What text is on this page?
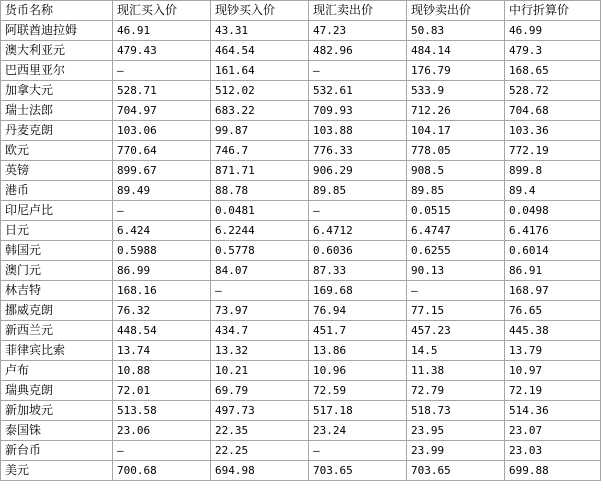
货币名称	现汇买入价	现钞买入价	现汇卖出价	现钞卖出价	中行折算价
阿联酋迪拉姆	46.91	43.31	47.23	50.83	46.99
澳大利亚元	479.43	464.54	482.96	484.14	479.3
巴西里亚尔	—	161.64	—	176.79	168.65
加拿大元	528.71	512.02	532.61	533.9	528.72
瑞士法郎	704.97	683.22	709.93	712.26	704.68
丹麦克朗	103.06	99.87	103.88	104.17	103.36
欧元	770.64	746.7	776.33	778.05	772.19
英镑	899.67	871.71	906.29	908.5	899.8
港币	89.49	88.78	89.85	89.85	89.4
印尼卢比	—	0.0481	—	0.0515	0.0498
日元	6.424	6.2244	6.4712	6.4747	6.4176
韩国元	0.5988	0.5778	0.6036	0.6255	0.6014
澳门元	86.99	84.07	87.33	90.13	86.91
林吉特	168.16	—	169.68	—	168.97
挪威克朗	76.32	73.97	76.94	77.15	76.65
新西兰元	448.54	434.7	451.7	457.23	445.38
菲律宾比索	13.74	13.32	13.86	14.5	13.79
卢布	10.88	10.21	10.96	11.38	10.97
瑞典克朗	72.01	69.79	72.59	72.79	72.19
新加坡元	513.58	497.73	517.18	518.73	514.36
泰国铢	23.06	22.35	23.24	23.95	23.07
新台币	—	22.25	—	23.99	23.03
美元	700.68	694.98	703.65	703.65	699.88
